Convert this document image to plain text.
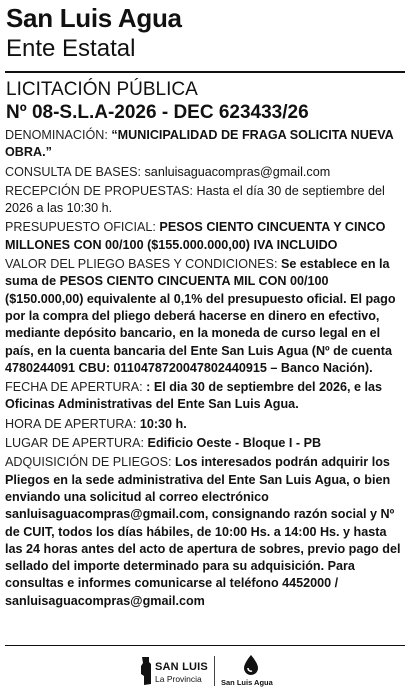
San Luis Agua
Ente Estatal
LICITACIÓN PÚBLICA
Nº 08-S.L.A-2026 - DEC 623433/26

DENOMINACIÓN: “MUNICIPALIDAD DE FRAGA SOLICITA NUEVA OBRA.”

CONSULTA DE BASES: sanluisaguacompras@gmail.com

RECEPCIÓN DE PROPUESTAS: Hasta el día 30 de septiembre del 2026 a las 10:30 h.

PRESUPUESTO OFICIAL: PESOS CIENTO CINCUENTA Y CINCO MILLONES CON 00/100 ($155.000.000,00) IVA INCLUIDO

VALOR DEL PLIEGO BASES Y CONDICIONES: Se establece en la suma de PESOS CIENTO CINCUENTA MIL CON 00/100 ($150.000,00) equivalente al 0,1% del presupuesto oficial. El pago por la compra del pliego deberá hacerse en dinero en efectivo, mediante depósito bancario, en la moneda de curso legal en el país, en la cuenta bancaria del Ente San Luis Agua (Nº de cuenta 4780244091 CBU: 0110478720047802440915 – Banco Nación).

FECHA DE APERTURA: : El dia 30 de septiembre del 2026, e las Oficinas Administrativas del Ente San Luis Agua.

HORA DE APERTURA: 10:30 h.

LUGAR DE APERTURA: Edificio Oeste - Bloque I - PB

ADQUISICIÓN DE PLIEGOS: Los interesados podrán adquirir los Pliegos en la sede administrativa del Ente San Luis Agua, o bien enviando una solicitud al correo electrónico sanluisaguacompras@gmail.com, consignando razón social y Nº de CUIT, todos los días hábiles, de 10:00 Hs. a 14:00 Hs. y hasta las 24 horas antes del acto de apertura de sobres, previo pago del sellado del importe determinado para su adquisición. Para consultas e informes comunicarse al teléfono 4452000 / sanluisaguacompras@gmail.com

SAN LUIS
La Provincia	San Luis Agua
